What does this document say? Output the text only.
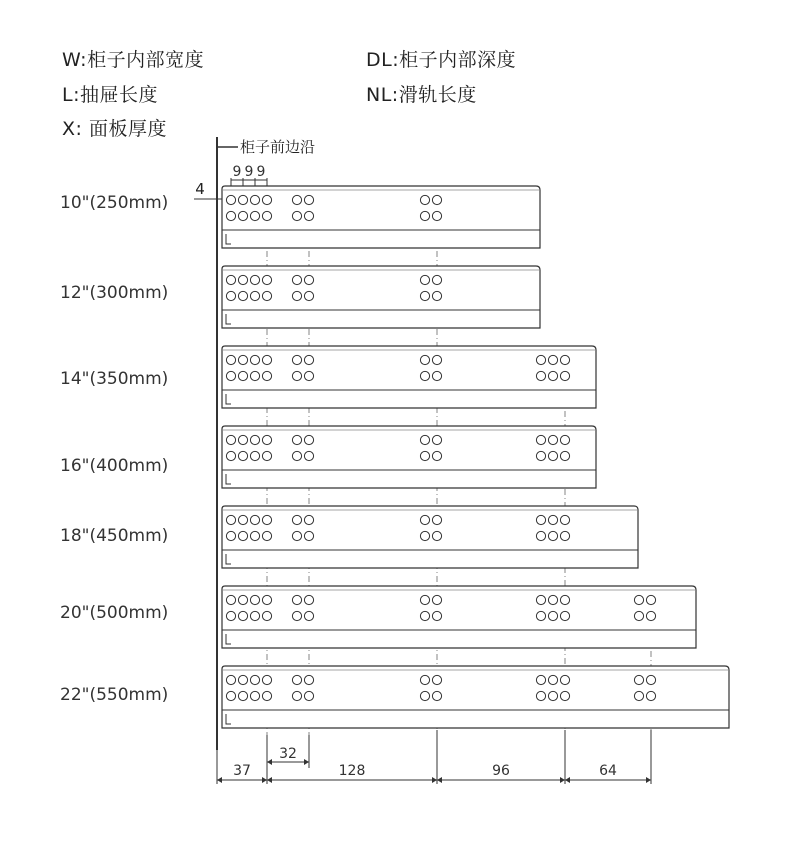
W:柜子内部宽度	DL:柜子内部深度
L:抽屉长度	NL:滑轨长度
X: 面板厚度
柜子前边沿
9 9 9
4
10"(250mm)
12"(300mm)
14"(350mm)
16"(400mm)
18"(450mm)
20"(500mm)
22"(550mm)
32
37	128	96	64
